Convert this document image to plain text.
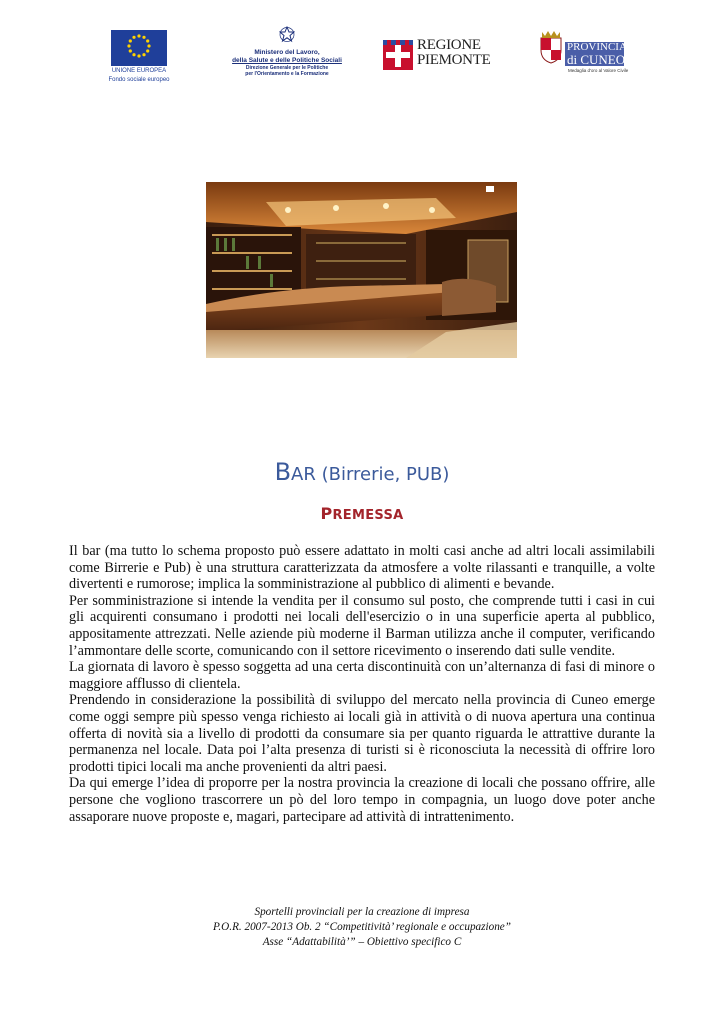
UNIONE EUROPEA
Fondo sociale europeo
Ministero del Lavoro,
della Salute e delle Politiche Sociali
Direzione Generale per le Politiche
per l'Orientamento e la Formazione
REGIONE
PIEMONTE
PROVINCIA
di CUNEO
Medaglia d'oro al Valore Civile
BAR (Birrerie, PUB)
PREMESSA

Il bar (ma tutto lo schema proposto può essere adattato in molti casi anche ad altri locali assimilabili come Birrerie e Pub) è una struttura caratterizzata da atmosfere a volte rilassanti e tranquille, a volte divertenti e rumorose; implica la somministrazione al pubblico di alimenti e bevande.

Per somministrazione si intende la vendita per il consumo sul posto, che comprende tutti i casi in cui gli acquirenti consumano i prodotti nei locali dell'esercizio o in una superficie aperta al pubblico, appositamente attrezzati. Nelle aziende più moderne il Barman utilizza anche il computer, verificando l’ammontare delle scorte, comunicando con il settore ricevimento o inserendo dati sulle vendite.

La giornata di lavoro è spesso soggetta ad una certa discontinuità con un’alternanza di fasi di minore o maggiore afflusso di clientela.

Prendendo in considerazione la possibilità di sviluppo del mercato nella provincia di Cuneo emerge come oggi sempre più spesso venga richiesto ai locali già in attività o di nuova apertura una continua offerta di novità sia a livello di prodotti da consumare sia per quanto riguarda le attrattive durante la permanenza nel locale. Data poi l’alta presenza di turisti si è riconosciuta la necessità di offrire loro prodotti tipici locali ma anche provenienti da altri paesi.

Da qui emerge l’idea di proporre per la nostra provincia la creazione di locali che possano offrire, alle persone che vogliono trascorrere un pò del loro tempo in compagnia, un luogo dove poter anche assaporare nuove proposte e, magari, partecipare ad attività di intrattenimento.

Sportelli provinciali per la creazione di impresa
P.O.R. 2007-2013 Ob. 2 “Competitività’ regionale e occupazione”
Asse “Adattabilità’” – Obiettivo specifico C
